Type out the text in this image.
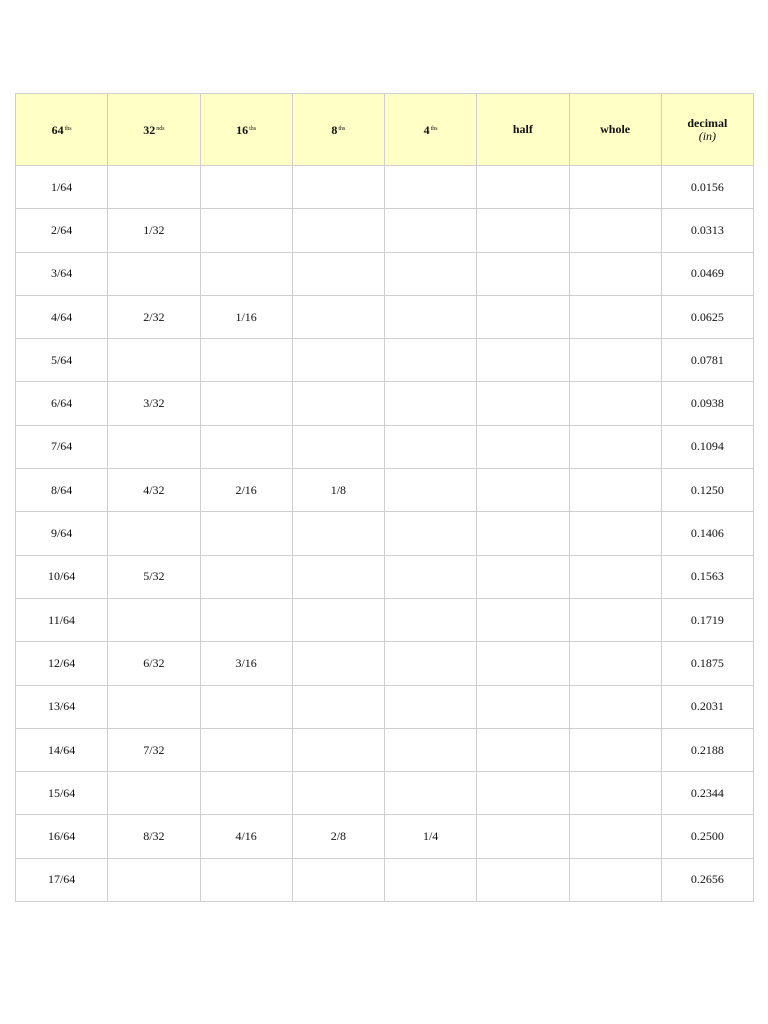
$64^{ths}$	$32^{nds}$	$16^{ths}$	$8^{ths}$	$4^{ths}$	half	whole	decimal
(in)

1/64							0.0156
2/64	1/32						0.0313
3/64							0.0469
4/64	2/32	1/16					0.0625
5/64							0.0781
6/64	3/32						0.0938
7/64							0.1094
8/64	4/32	2/16	1/8				0.1250
9/64							0.1406
10/64	5/32						0.1563
11/64							0.1719
12/64	6/32	3/16					0.1875
13/64							0.2031
14/64	7/32						0.2188
15/64							0.2344
16/64	8/32	4/16	2/8	1/4			0.2500
17/64							0.2656
